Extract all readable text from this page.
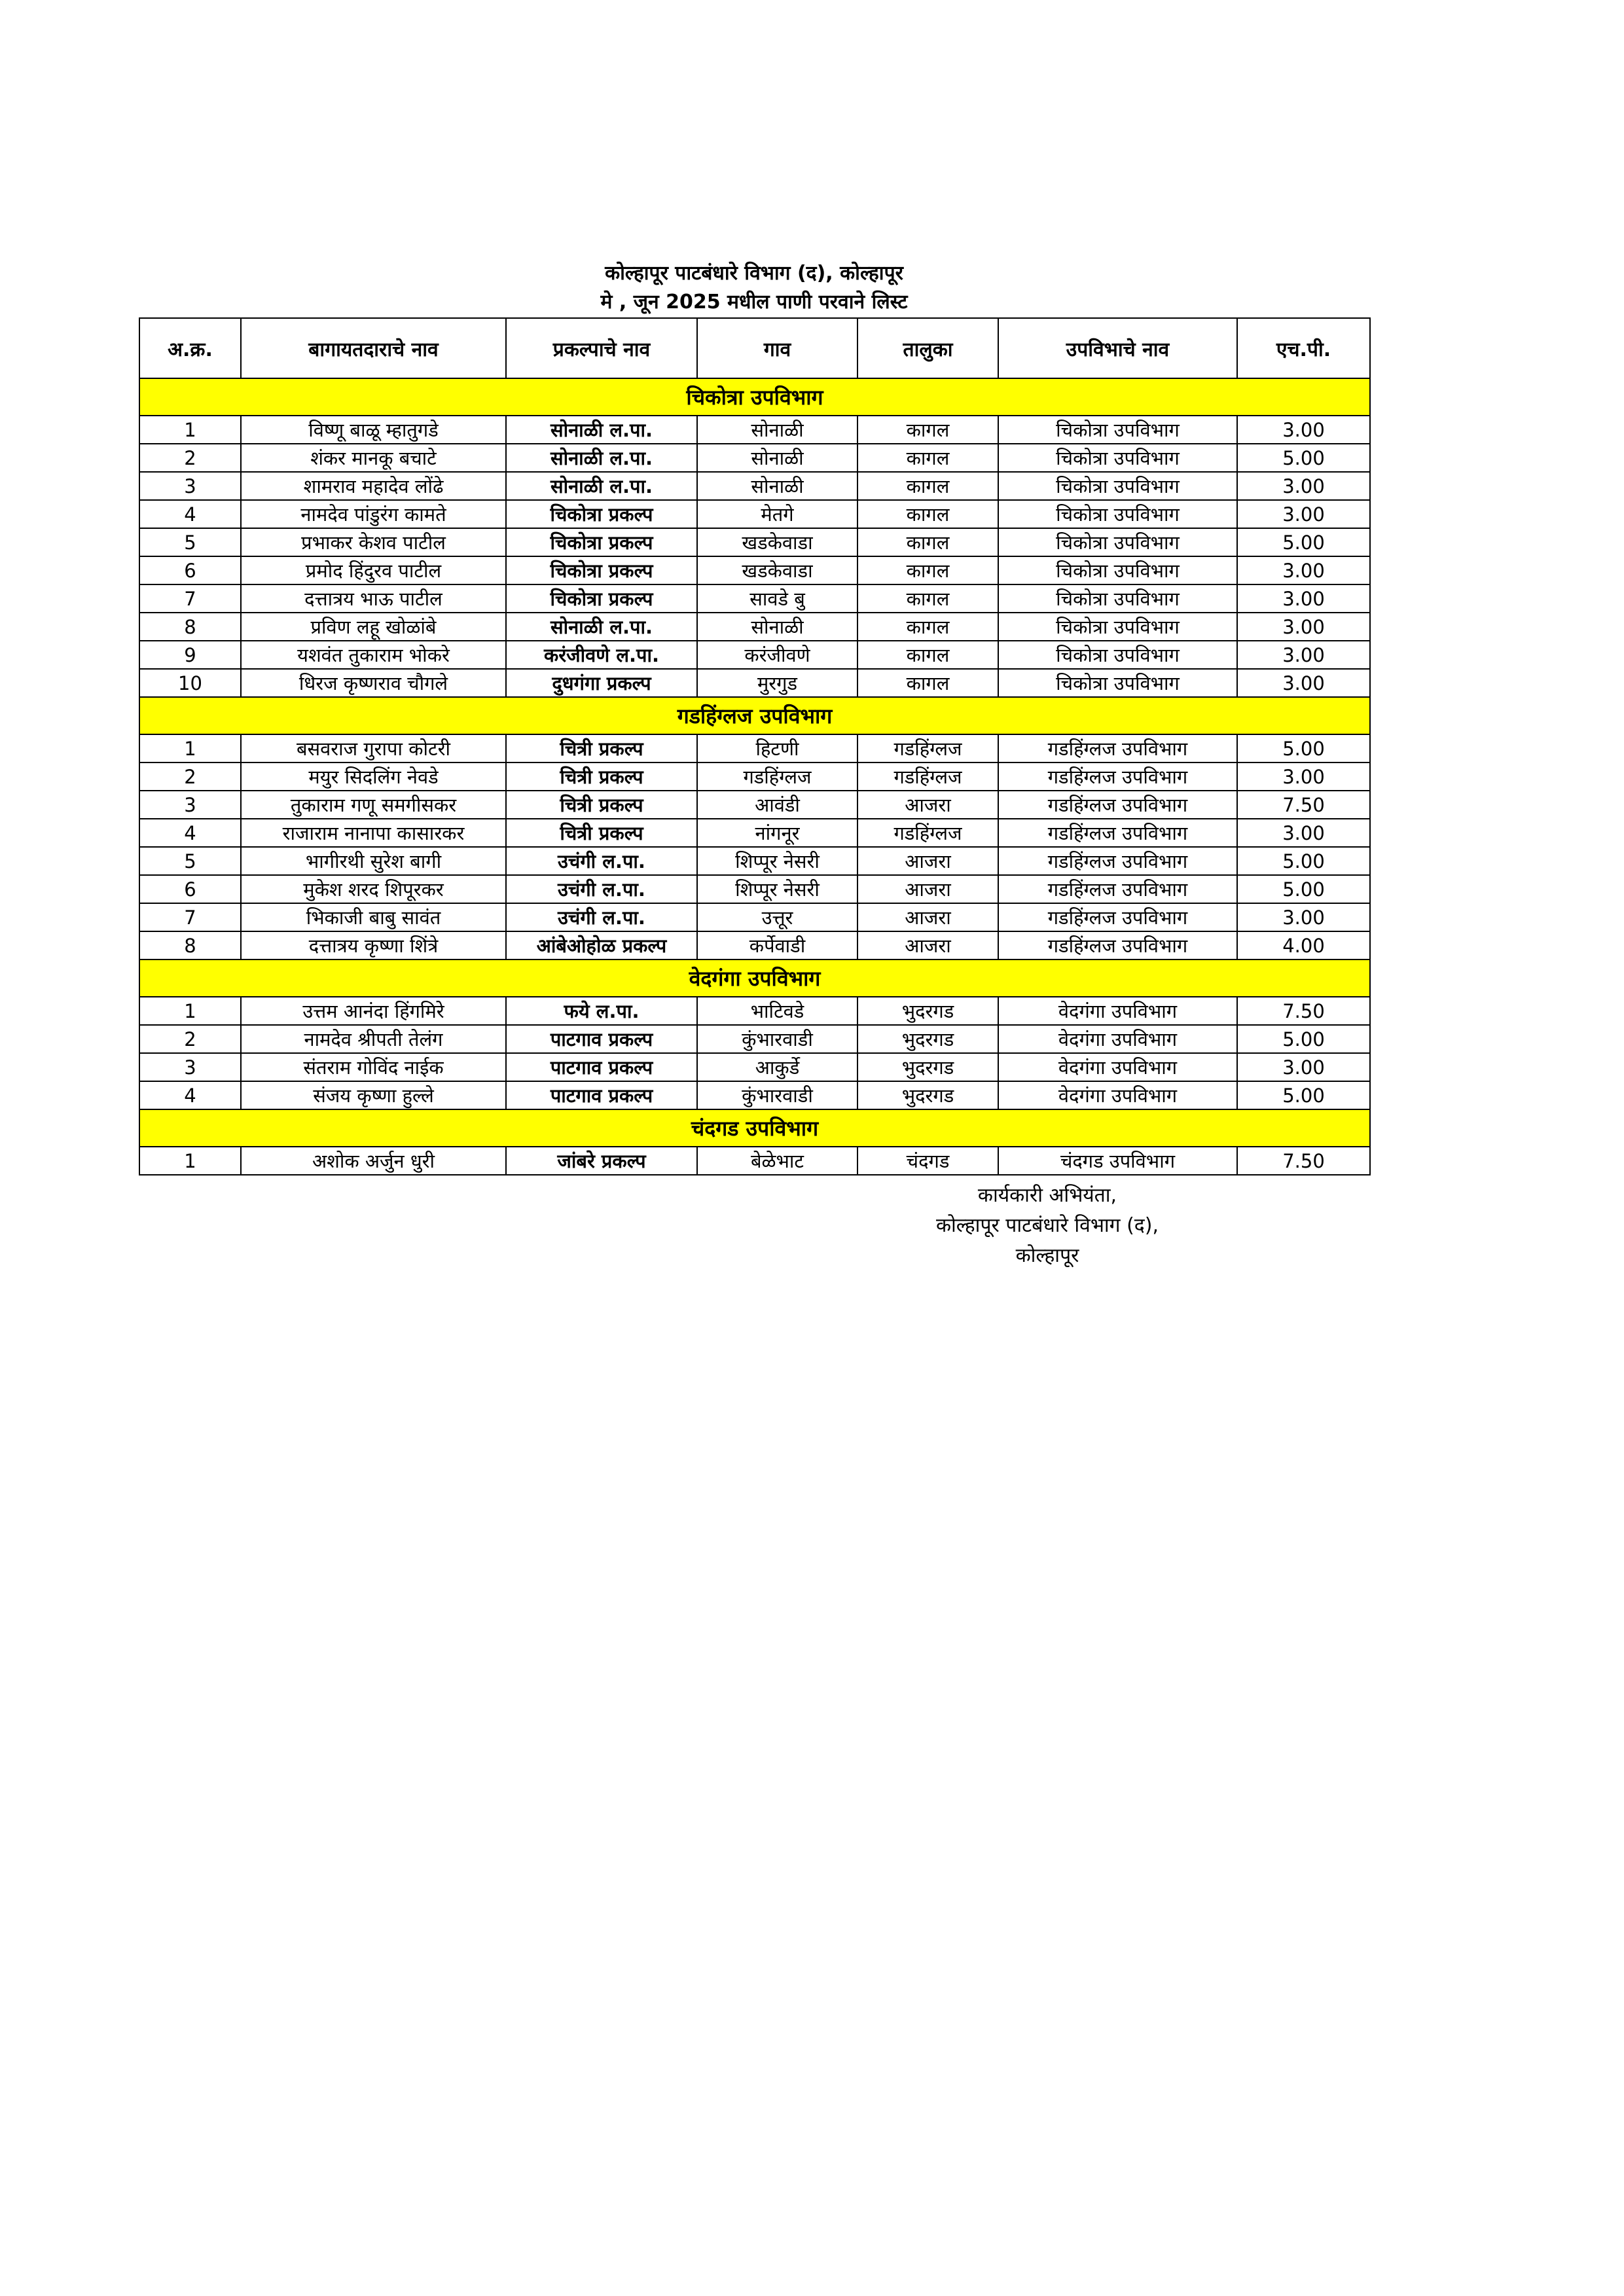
कोल्हापूर पाटबंधारे विभाग (द), कोल्हापूर
मे , जून 2025 मधील पाणी परवाने लिस्ट
अ.क्र.	बागायतदाराचे नाव	प्रकल्पाचे नाव	गाव	तालुका	उपविभाचे नाव	एच.पी.
चिकोत्रा उपविभाग						
1	विष्णू बाळू म्हातुगडे	सोनाळी ल.पा.	सोनाळी	कागल	चिकोत्रा उपविभाग	3.00
2	शंकर मानकू बचाटे	सोनाळी ल.पा.	सोनाळी	कागल	चिकोत्रा उपविभाग	5.00
3	शामराव महादेव लोंढे	सोनाळी ल.पा.	सोनाळी	कागल	चिकोत्रा उपविभाग	3.00
4	नामदेव पांडुरंग कामते	चिकोत्रा प्रकल्प	मेतगे	कागल	चिकोत्रा उपविभाग	3.00
5	प्रभाकर केशव पाटील	चिकोत्रा प्रकल्प	खडकेवाडा	कागल	चिकोत्रा उपविभाग	5.00
6	प्रमोद हिंदुरव पाटील	चिकोत्रा प्रकल्प	खडकेवाडा	कागल	चिकोत्रा उपविभाग	3.00
7	दत्तात्रय भाऊ पाटील	चिकोत्रा प्रकल्प	सावडे बु	कागल	चिकोत्रा उपविभाग	3.00
8	प्रविण लहू खोळांबे	सोनाळी ल.पा.	सोनाळी	कागल	चिकोत्रा उपविभाग	3.00
9	यशवंत तुकाराम भोकरे	करंजीवणे ल.पा.	करंजीवणे	कागल	चिकोत्रा उपविभाग	3.00
10	धिरज कृष्णराव चौगले	दुधगंगा प्रकल्प	मुरगुड	कागल	चिकोत्रा उपविभाग	3.00
गडहिंग्लज उपविभाग						
1	बसवराज गुरापा कोटरी	चित्री प्रकल्प	हिटणी	गडहिंग्लज	गडहिंग्लज उपविभाग	5.00
2	मयुर सिदलिंग नेवडे	चित्री प्रकल्प	गडहिंग्लज	गडहिंग्लज	गडहिंग्लज उपविभाग	3.00
3	तुकाराम गणू समगीसकर	चित्री प्रकल्प	आवंडी	आजरा	गडहिंग्लज उपविभाग	7.50
4	राजाराम नानापा कासारकर	चित्री प्रकल्प	नांगनूर	गडहिंग्लज	गडहिंग्लज उपविभाग	3.00
5	भागीरथी सुरेश बागी	उचंगी ल.पा.	शिप्पूर नेसरी	आजरा	गडहिंग्लज उपविभाग	5.00
6	मुकेश शरद शिपूरकर	उचंगी ल.पा.	शिप्पूर नेसरी	आजरा	गडहिंग्लज उपविभाग	5.00
7	भिकाजी बाबु सावंत	उचंगी ल.पा.	उत्तूर	आजरा	गडहिंग्लज उपविभाग	3.00
8	दत्तात्रय कृष्णा शिंत्रे	आंबेओहोळ प्रकल्प	कर्पेवाडी	आजरा	गडहिंग्लज उपविभाग	4.00
वेदगंगा उपविभाग						
1	उत्तम आनंदा हिंगमिरे	फये ल.पा.	भाटिवडे	भुदरगड	वेदगंगा उपविभाग	7.50
2	नामदेव श्रीपती तेलंग	पाटगाव प्रकल्प	कुंभारवाडी	भुदरगड	वेदगंगा उपविभाग	5.00
3	संतराम गोविंद नाईक	पाटगाव प्रकल्प	आकुर्डे	भुदरगड	वेदगंगा उपविभाग	3.00
4	संजय कृष्णा हुल्ले	पाटगाव प्रकल्प	कुंभारवाडी	भुदरगड	वेदगंगा उपविभाग	5.00
चंदगड उपविभाग						
1	अशोक अर्जुन धुरी	जांबरे प्रकल्प	बेळेभाट	चंदगड	चंदगड उपविभाग	7.50
कार्यकारी अभियंता,
कोल्हापूर पाटबंधारे विभाग (द),
कोल्हापूर
